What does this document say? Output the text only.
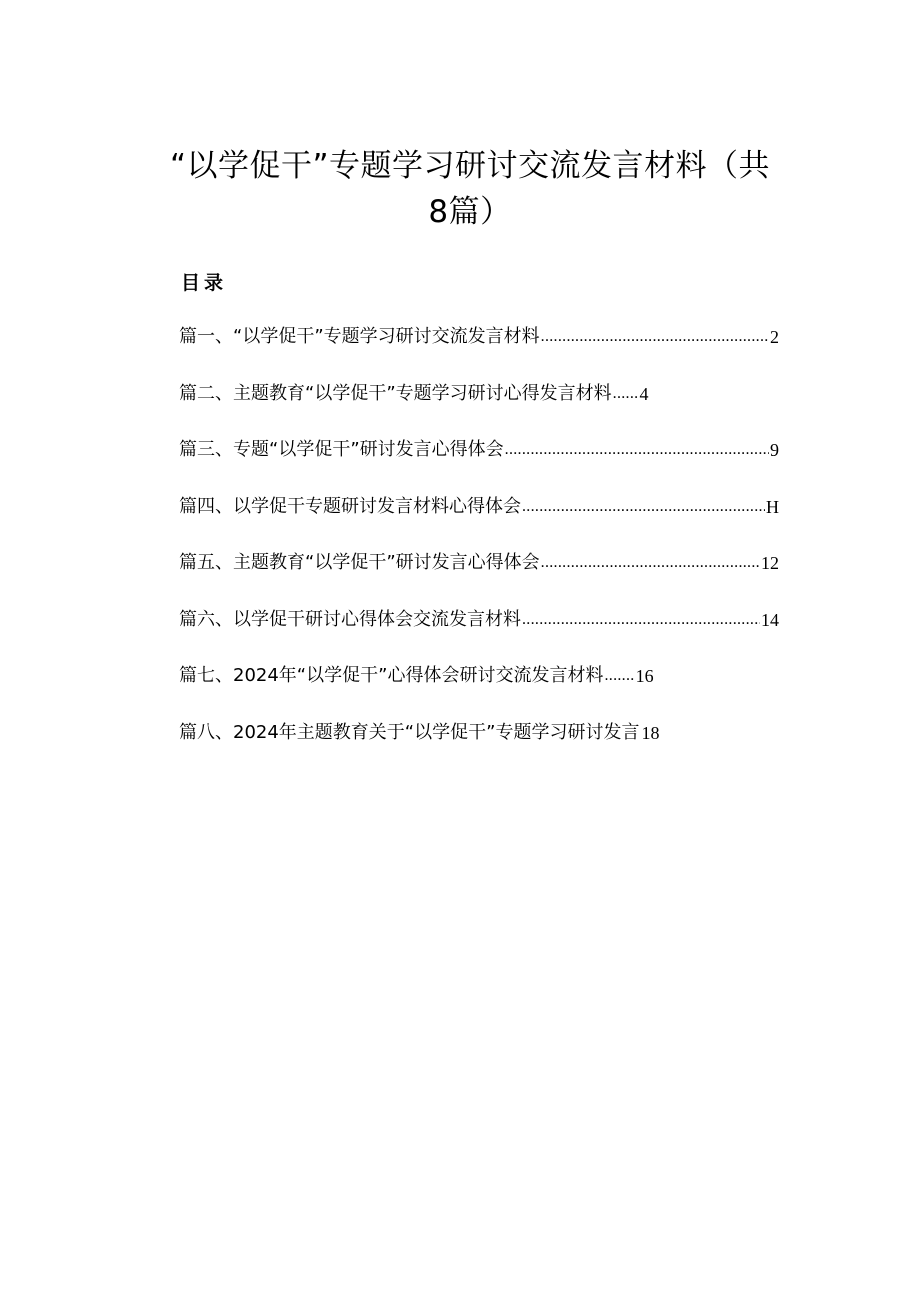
“以学促干”专题学习研讨交流发言材料（共
8篇）
目录
篇一、“以学促干”专题学习研讨交流发言材料 .....	2
篇二、主题教育“以学促干”专题学习研讨心得发言材料 ...... 4
篇三、专题“以学促干”研讨发言心得体会 .....	9
篇四、以学促干专题研讨发言材料心得体会 .....	H
篇五、主题教育“以学促干”研讨发言心得体会 .....	12
篇六、以学促干研讨心得体会交流发言材料 .....	14
篇七、2024年“以学促干”心得体会研讨交流发言材料 ....... 16
篇八、2024年主题教育关于“以学促干”专题学习研讨发言 18
